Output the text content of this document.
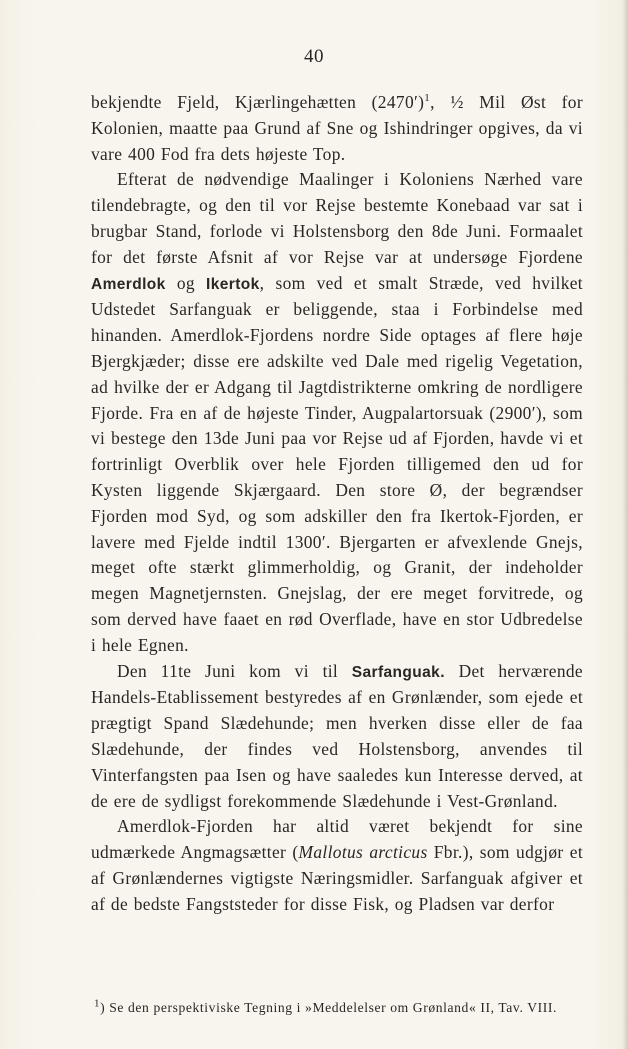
40

bekjendte Fjeld, Kjærlingehætten $(2470')^1$, ½ Mil Øst for Kolonien, maatte paa Grund af Sne og Ishindringer opgives, da vi vare 400 Fod fra dets højeste Top.

Efterat de nødvendige Maalinger i Koloniens Nærhed vare tilendebragte, og den til vor Rejse bestemte Konebaad var sat i brugbar Stand, forlode vi Holstensborg den 8de Juni. Formaalet for det første Afsnit af vor Rejse var at undersøge Fjordene Amerdlok og Ikertok, som ved et smalt Stræde, ved hvilket Udstedet Sarfanguak er beliggende, staa i Forbindelse med hinanden. Amerdlok-Fjordens nordre Side optages af flere høje Bjergkjæder; disse ere adskilte ved Dale med rigelig Vegetation, ad hvilke der er Adgang til Jagtdistrikterne omkring de nordligere Fjorde. Fra en af de højeste Tinder, Augpalartorsuak (2900′), som vi bestege den 13de Juni paa vor Rejse ud af Fjorden, havde vi et fortrinligt Overblik over hele Fjorden tilligemed den ud for Kysten liggende Skjærgaard. Den store Ø, der begrændser Fjorden mod Syd, og som adskiller den fra Ikertok-Fjorden, er lavere med Fjelde indtil 1300′. Bjergarten er afvexlende Gnejs, meget ofte stærkt glimmerholdig, og Granit, der indeholder megen Magnetjernsten. Gnejslag, der ere meget forvitrede, og som derved have faaet en rød Overflade, have en stor Udbredelse i hele Egnen.

Den 11te Juni kom vi til Sarfanguak. Det herværende Handels-Etablissement bestyredes af en Grønlænder, som ejede et prægtigt Spand Slædehunde; men hverken disse eller de faa Slædehunde, der findes ved Holstensborg, anvendes til Vinterfangsten paa Isen og have saaledes kun Interesse derved, at de ere de sydligst forekommende Slædehunde i Vest-Grønland.

Amerdlok-Fjorden har altid været bekjendt for sine udmærkede Angmagsætter (Mallotus arcticus Fbr.), som udgjør et af Grønlændernes vigtigste Næringsmidler. Sarfanguak afgiver et af de bedste Fangststeder for disse Fisk, og Pladsen var derfor

$^1$) Se den perspektiviske Tegning i »Meddelelser om Grønland« II, Tav. VIII.
